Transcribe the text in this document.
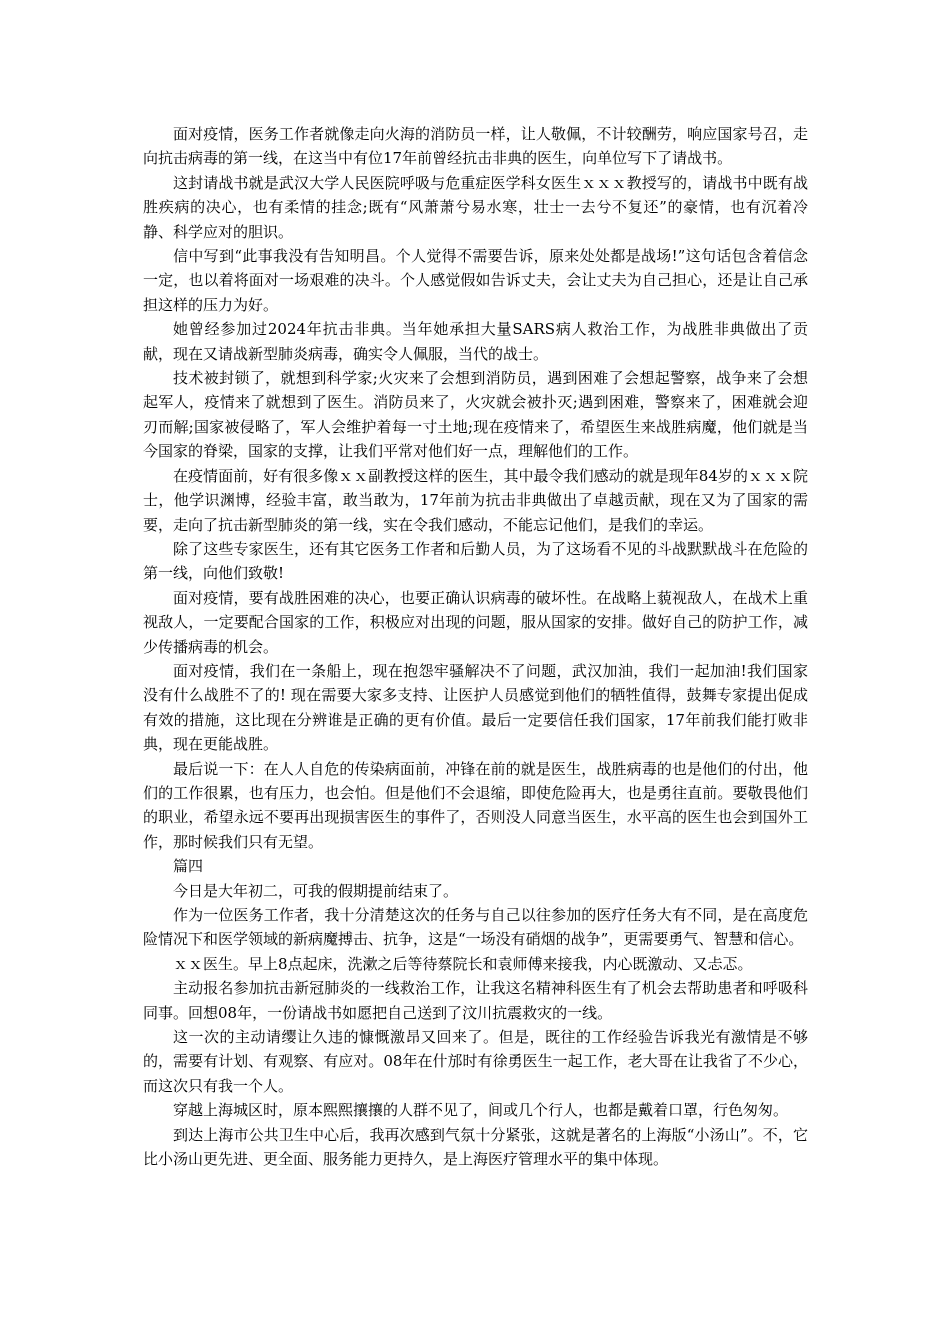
面对疫情，医务工作者就像走向火海的消防员一样，让人敬佩，不计较酬劳，响应国家号召，走向抗击病毒的第一线，在这当中有位17年前曾经抗击非典的医生，向单位写下了请战书。

这封请战书就是武汉大学人民医院呼吸与危重症医学科女医生ｘｘｘ教授写的，请战书中既有战胜疾病的决心，也有柔情的挂念;既有“风萧萧兮易水寒，壮士一去兮不复还”的豪情，也有沉着冷静、科学应对的胆识。

信中写到“此事我没有告知明昌。个人觉得不需要告诉，原来处处都是战场!”这句话包含着信念一定，也以着将面对一场艰难的决斗。个人感觉假如告诉丈夫，会让丈夫为自己担心，还是让自己承担这样的压力为好。

她曾经参加过2024年抗击非典。当年她承担大量SARS病人救治工作，为战胜非典做出了贡献，现在又请战新型肺炎病毒，确实令人佩服，当代的战士。

技术被封锁了，就想到科学家;火灾来了会想到消防员，遇到困难了会想起警察，战争来了会想起军人，疫情来了就想到了医生。消防员来了，火灾就会被扑灭;遇到困难，警察来了，困难就会迎刃而解;国家被侵略了，军人会维护着每一寸土地;现在疫情来了，希望医生来战胜病魔，他们就是当今国家的脊梁，国家的支撑，让我们平常对他们好一点，理解他们的工作。

在疫情面前，好有很多像ｘｘ副教授这样的医生，其中最令我们感动的就是现年84岁的ｘｘｘ院士，他学识渊博，经验丰富，敢当敢为，17年前为抗击非典做出了卓越贡献，现在又为了国家的需要，走向了抗击新型肺炎的第一线，实在令我们感动，不能忘记他们，是我们的幸运。

除了这些专家医生，还有其它医务工作者和后勤人员，为了这场看不见的斗战默默战斗在危险的第一线，向他们致敬!

面对疫情，要有战胜困难的决心，也要正确认识病毒的破坏性。在战略上藐视敌人，在战术上重视敌人，一定要配合国家的工作，积极应对出现的问题，服从国家的安排。做好自己的防护工作，减少传播病毒的机会。

面对疫情，我们在一条船上，现在抱怨牢骚解决不了问题，武汉加油，我们一起加油!我们国家没有什么战胜不了的! 现在需要大家多支持、让医护人员感觉到他们的牺牲值得，鼓舞专家提出促成有效的措施，这比现在分辨谁是正确的更有价值。最后一定要信任我们国家，17年前我们能打败非典，现在更能战胜。

最后说一下：在人人自危的传染病面前，冲锋在前的就是医生，战胜病毒的也是他们的付出，他们的工作很累，也有压力，也会怕。但是他们不会退缩，即使危险再大，也是勇往直前。要敬畏他们的职业，希望永远不要再出现损害医生的事件了，否则没人同意当医生，水平高的医生也会到国外工作，那时候我们只有无望。

篇四

今日是大年初二，可我的假期提前结束了。

作为一位医务工作者，我十分清楚这次的任务与自己以往参加的医疗任务大有不同，是在高度危险情况下和医学领域的新病魔搏击、抗争，这是“一场没有硝烟的战争”，更需要勇气、智慧和信心。

ｘｘ医生。早上8点起床，洗漱之后等待蔡院长和袁师傅来接我，内心既激动、又忐忑。

主动报名参加抗击新冠肺炎的一线救治工作，让我这名精神科医生有了机会去帮助患者和呼吸科同事。回想08年，一份请战书如愿把自己送到了汶川抗震救灾的一线。

这一次的主动请缨让久违的慷慨激昂又回来了。但是，既往的工作经验告诉我光有激情是不够的，需要有计划、有观察、有应对。08年在什邡时有徐勇医生一起工作，老大哥在让我省了不少心，而这次只有我一个人。

穿越上海城区时，原本熙熙攘攘的人群不见了，间或几个行人，也都是戴着口罩，行色匆匆。

到达上海市公共卫生中心后，我再次感到气氛十分紧张，这就是著名的上海版“小汤山”。不，它比小汤山更先进、更全面、服务能力更持久，是上海医疗管理水平的集中体现。
